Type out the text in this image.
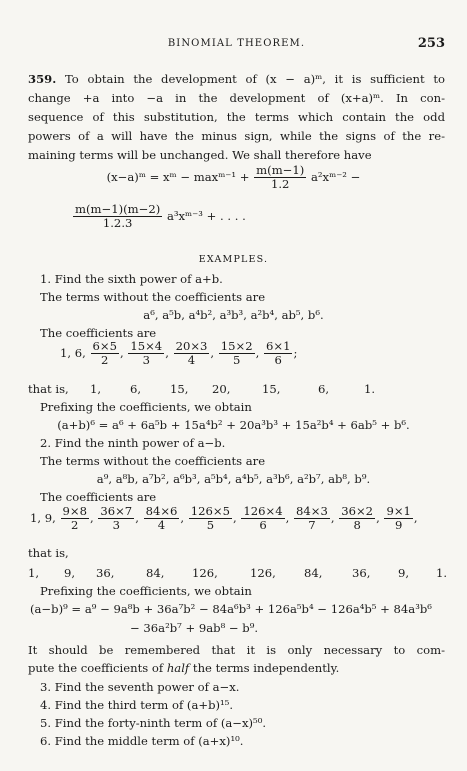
BINOMIAL THEOREM.	253
359. To obtain the development of (x − a)ᵐ, it is sufficient to
change +a into −a in the development of (x+a)ᵐ. In con-
sequence of this substitution, the terms which contain the odd
powers of a will have the minus sign, while the signs of the re-
maining terms will be unchanged. We shall therefore have
(x−a)ᵐ = xᵐ − maxᵐ⁻¹ + $\frac{m(m-1)}{1.2}$ a²xᵐ⁻² −
$\frac{m(m-1)(m-2)}{1.2.3}$ a³xᵐ⁻³ + . . . .
EXAMPLES.
1. Find the sixth power of a+b.
The terms without the coefficients are
a⁶, a⁵b, a⁴b², a³b³, a²b⁴, ab⁵, b⁶.
The coefficients are
1, 6, $\frac{6\times 5}{2}$ , $\frac{15\times 4}{3}$ , $\frac{20\times 3}{4}$ , $\frac{15\times 2}{5}$ , $\frac{6\times 1}{6}$ ;
that is, 1, 6, 15, 20,	15,	6,	1.
Prefixing the coefficients, we obtain
(a+b)⁶ = a⁶ + 6a⁵b + 15a⁴b² + 20a³b³ + 15a²b⁴ + 6ab⁵ + b⁶.
2. Find the ninth power of a−b.
The terms without the coefficients are
a⁹, a⁸b, a⁷b², a⁶b³, a⁵b⁴, a⁴b⁵, a³b⁶, a²b⁷, ab⁸, b⁹.
The coefficients are
1, 9, $\frac{9\times 8}{2}$ , $\frac{36\times 7}{3}$ , $\frac{84\times 6}{4}$ , $\frac{126\times 5}{5}$ , $\frac{126\times 4}{6}$ , $\frac{84\times 3}{7}$ , $\frac{36\times 2}{8}$ , $\frac{9\times 1}{9}$ ,
that is,
1, 9, 36,	84, 126,	126, 84,	36, 9, 1.
Prefixing the coefficients, we obtain
(a−b)⁹ = a⁹ − 9a⁸b + 36a⁷b² − 84a⁶b³ + 126a⁵b⁴ − 126a⁴b⁵ + 84a³b⁶
− 36a²b⁷ + 9ab⁸ − b⁹.
It should be remembered that it is only necessary to com-
pute the coefficients of half the terms independently.
3. Find the seventh power of a−x.
4. Find the third term of (a+b)¹⁵.
5. Find the forty-ninth term of (a−x)⁵⁰.
6. Find the middle term of (a+x)¹⁰.
